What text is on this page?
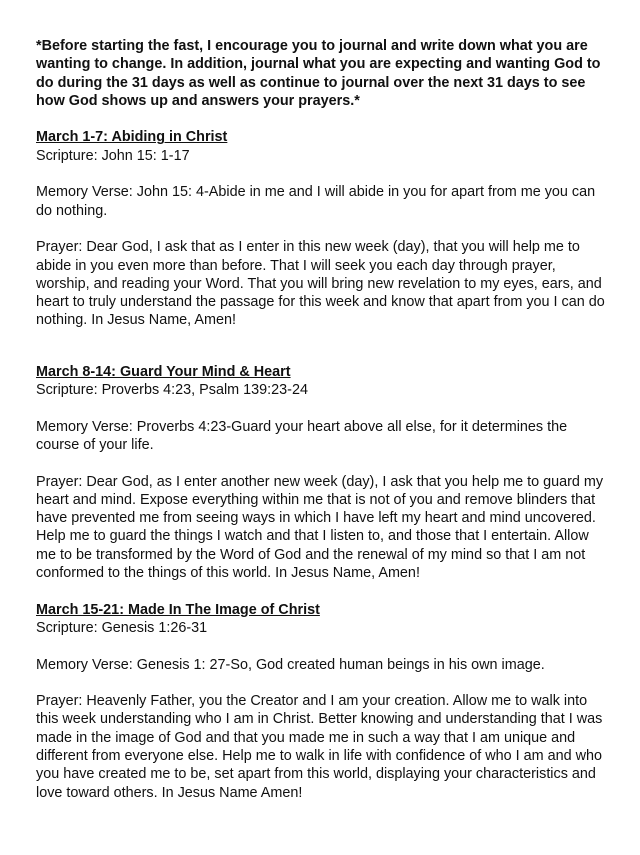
*Before starting the fast, I encourage you to journal and write down what you are wanting to change. In addition, journal what you are expecting and wanting God to do during the 31 days as well as continue to journal over the next 31 days to see how God shows up and answers your prayers.*

March 1-7: Abiding in Christ

Scripture: John 15: 1-17

Memory Verse: John 15: 4-Abide in me and I will abide in you for apart from me you can do nothing.

Prayer: Dear God, I ask that as I enter in this new week (day), that you will help me to abide in you even more than before. That I will seek you each day through prayer, worship, and reading your Word. That you will bring new revelation to my eyes, ears, and heart to truly understand the passage for this week and know that apart from you I can do nothing. In Jesus Name, Amen!

March 8-14: Guard Your Mind & Heart

Scripture: Proverbs 4:23, Psalm 139:23-24

Memory Verse: Proverbs 4:23-Guard your heart above all else, for it determines the course of your life.

Prayer: Dear God, as I enter another new week (day), I ask that you help me to guard my heart and mind. Expose everything within me that is not of you and remove blinders that have prevented me from seeing ways in which I have left my heart and mind uncovered. Help me to guard the things I watch and that I listen to, and those that I entertain. Allow me to be transformed by the Word of God and the renewal of my mind so that I am not conformed to the things of this world. In Jesus Name, Amen!

March 15-21: Made In The Image of Christ

Scripture: Genesis 1:26-31

Memory Verse: Genesis 1: 27-So, God created human beings in his own image.

Prayer: Heavenly Father, you the Creator and I am your creation. Allow me to walk into this week understanding who I am in Christ. Better knowing and understanding that I was made in the image of God and that you made me in such a way that I am unique and different from everyone else. Help me to walk in life with confidence of who I am and who you have created me to be, set apart from this world, displaying your characteristics and love toward others. In Jesus Name Amen!
